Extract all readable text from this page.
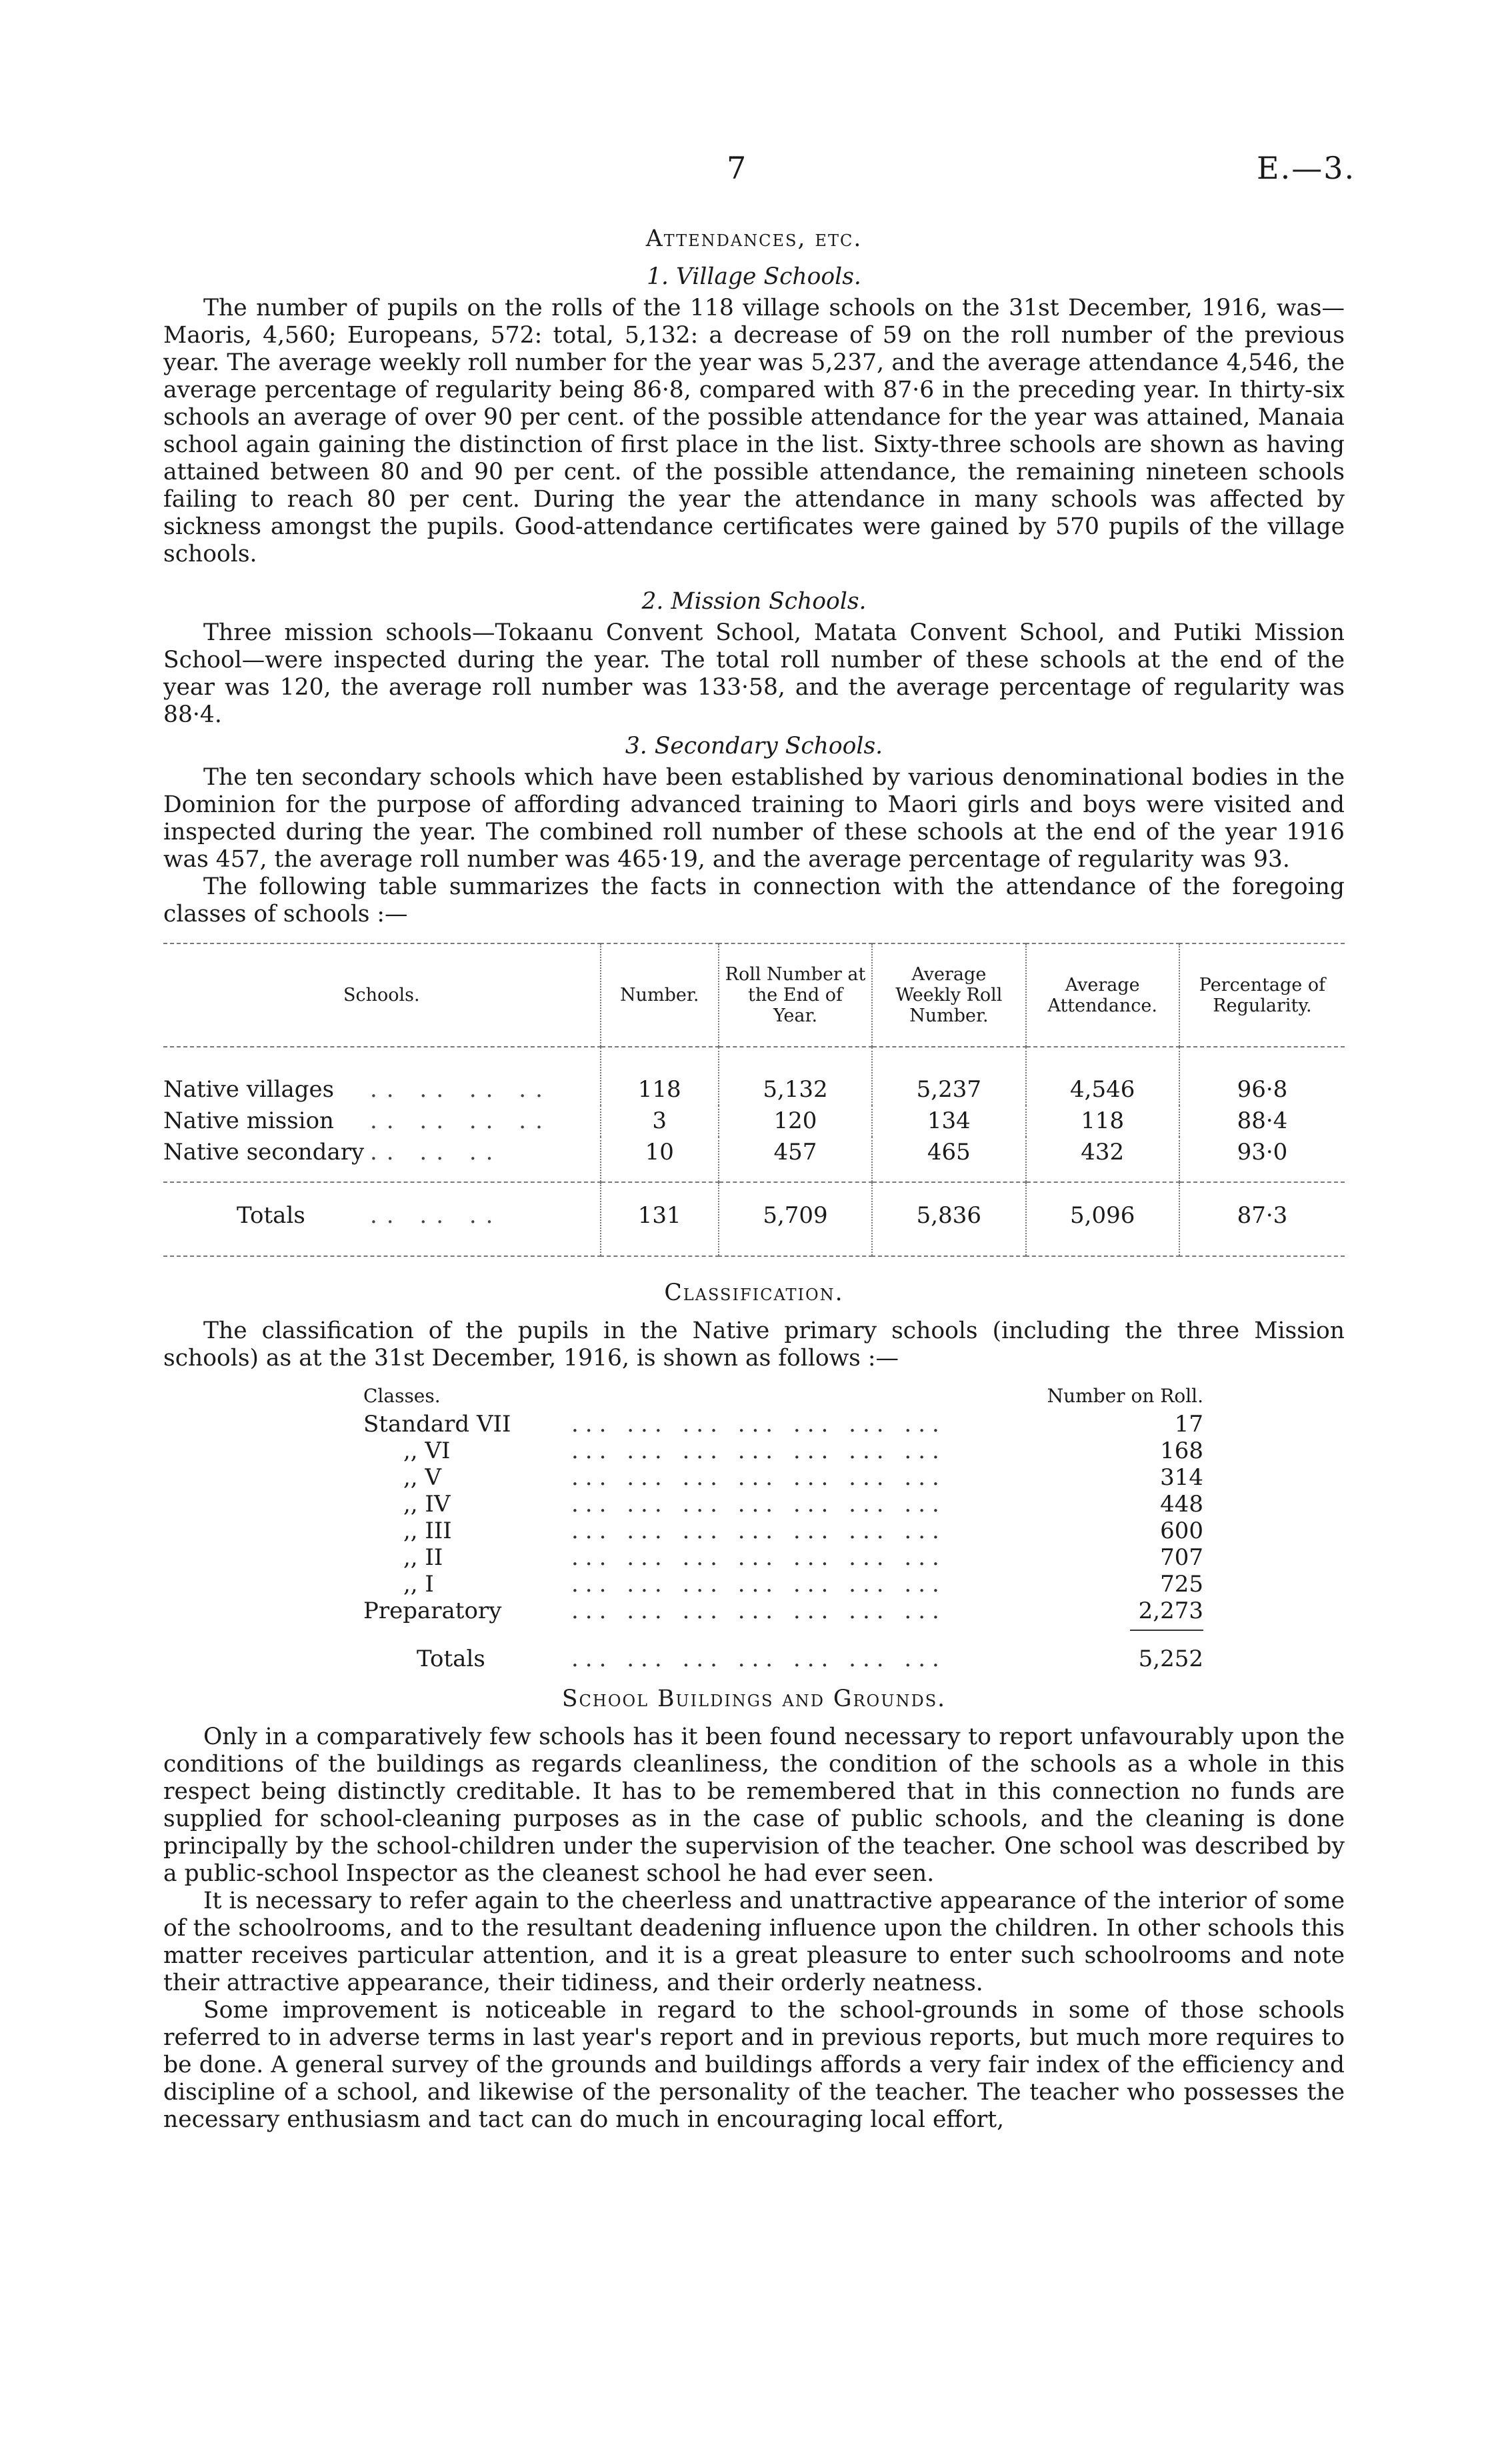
7	E.—3.
Attendances, etc.
1. Village Schools.

The number of pupils on the rolls of the 118 village schools on the 31st December, 1916, was—Maoris, 4,560; Europeans, 572: total, 5,132: a decrease of 59 on the roll number of the previous year. The average weekly roll number for the year was 5,237, and the average attendance 4,546, the average percentage of regularity being 86·8, compared with 87·6 in the preceding year. In thirty-six schools an average of over 90 per cent. of the possible attendance for the year was attained, Manaia school again gaining the distinction of first place in the list. Sixty-three schools are shown as having attained between 80 and 90 per cent. of the possible attendance, the remaining nineteen schools failing to reach 80 per cent. During the year the attendance in many schools was affected by sickness amongst the pupils. Good-attendance certificates were gained by 570 pupils of the village schools.

2. Mission Schools.

Three mission schools—Tokaanu Convent School, Matata Convent School, and Putiki Mission School—were inspected during the year. The total roll number of these schools at the end of the year was 120, the average roll number was 133·58, and the average percentage of regularity was 88·4.

3. Secondary Schools.

The ten secondary schools which have been established by various denominational bodies in the Dominion for the purpose of affording advanced training to Maori girls and boys were visited and inspected during the year. The combined roll number of these schools at the end of the year 1916 was 457, the average roll number was 465·19, and the average percentage of regularity was 93.

The following table summarizes the facts in connection with the attendance of the foregoing classes of schools :—

Schools.	Number.	Roll Number at the End of Year.	Average Weekly Roll Number.	Average Attendance.	Percentage of Regularity.
Native villages .. .. .. ..	118	5,132	5,237	4,546	96·8
Native mission .. .. .. ..	3	120	134	118	88·4
Native secondary .. .. ..	10	457	465	432	93·0
Totals .. .. ..	131	5,709	5,836	5,096	87·3
Classification.

The classification of the pupils in the Native primary schools (including the three Mission schools) as at the 31st December, 1916, is shown as follows :—

Classes.	Number on Roll.
Standard VII	... ... ... ... ... ... ...	17
,, VI	... ... ... ... ... ... ...	168
,, V	... ... ... ... ... ... ...	314
,, IV	... ... ... ... ... ... ...	448
,, III	... ... ... ... ... ... ...	600
,, II	... ... ... ... ... ... ...	707
,, I	... ... ... ... ... ... ...	725
Preparatory	... ... ... ... ... ... ...	2,273
Totals	... ... ... ... ... ... ...	5,252
School Buildings and Grounds.

Only in a comparatively few schools has it been found necessary to report unfavourably upon the conditions of the buildings as regards cleanliness, the condition of the schools as a whole in this respect being distinctly creditable. It has to be remembered that in this connection no funds are supplied for school-cleaning purposes as in the case of public schools, and the cleaning is done principally by the school-children under the supervision of the teacher. One school was described by a public-school Inspector as the cleanest school he had ever seen.

It is necessary to refer again to the cheerless and unattractive appearance of the interior of some of the schoolrooms, and to the resultant deadening influence upon the children. In other schools this matter receives particular attention, and it is a great pleasure to enter such schoolrooms and note their attractive appearance, their tidiness, and their orderly neatness.

Some improvement is noticeable in regard to the school-grounds in some of those schools referred to in adverse terms in last year's report and in previous reports, but much more requires to be done. A general survey of the grounds and buildings affords a very fair index of the efficiency and discipline of a school, and likewise of the personality of the teacher. The teacher who possesses the necessary enthusiasm and tact can do much in encouraging local effort,
